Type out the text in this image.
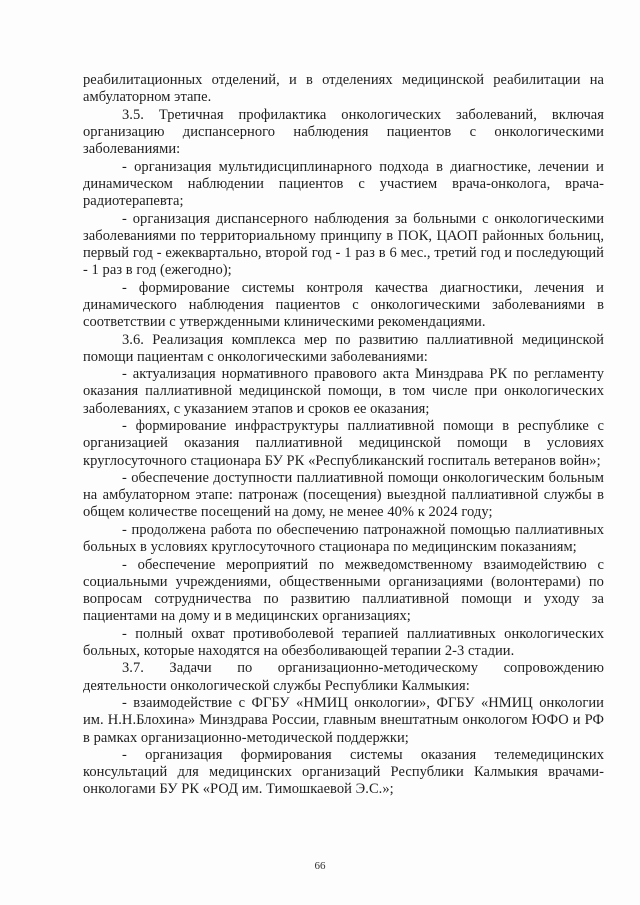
реабилитационных отделений, и в отделениях медицинской реабилитации на амбулаторном этапе.

3.5. Третичная профилактика онкологических заболеваний, включая организацию диспансерного наблюдения пациентов с онкологическими заболеваниями:

- организация мультидисциплинарного подхода в диагностике, лечении и динамическом наблюдении пациентов с участием врача-онколога, врача-радиотерапевта;

- организация диспансерного наблюдения за больными с онкологическими заболеваниями по территориальному принципу в ПОК, ЦАОП районных больниц, первый год - ежеквартально, второй год - 1 раз в 6 мес., третий год и последующий - 1 раз в год (ежегодно);

- формирование системы контроля качества диагностики, лечения и динамического наблюдения пациентов с онкологическими заболеваниями в соответствии с утвержденными клиническими рекомендациями.

3.6. Реализация комплекса мер по развитию паллиативной медицинской помощи пациентам с онкологическими заболеваниями:

- актуализация нормативного правового акта Минздрава РК по регламенту оказания паллиативной медицинской помощи, в том числе при онкологических заболеваниях, с указанием этапов и сроков ее оказания;

- формирование инфраструктуры паллиативной помощи в республике с организацией оказания паллиативной медицинской помощи в условиях круглосуточного стационара БУ РК «Республиканский госпиталь ветеранов войн»;

- обеспечение доступности паллиативной помощи онкологическим больным на амбулаторном этапе: патронаж (посещения) выездной паллиативной службы в общем количестве посещений на дому, не менее 40% к 2024 году;

- продолжена работа по обеспечению патронажной помощью паллиативных больных в условиях круглосуточного стационара по медицинским показаниям;

- обеспечение мероприятий по межведомственному взаимодействию с социальными учреждениями, общественными организациями (волонтерами) по вопросам сотрудничества по развитию паллиативной помощи и уходу за пациентами на дому и в медицинских организациях;

- полный охват противоболевой терапией паллиативных онкологических больных, которые находятся на обезболивающей терапии 2-3 стадии.

3.7. Задачи по организационно-методическому сопровождению деятельности онкологической службы Республики Калмыкия:

- взаимодействие с ФГБУ «НМИЦ онкологии», ФГБУ «НМИЦ онкологии им. Н.Н.Блохина» Минздрава России, главным внештатным онкологом ЮФО и РФ в рамках организационно-методической поддержки;

- организация формирования системы оказания телемедицинских консультаций для медицинских организаций Республики Калмыкия врачами-онкологами БУ РК «РОД им. Тимошкаевой Э.С.»;

66
